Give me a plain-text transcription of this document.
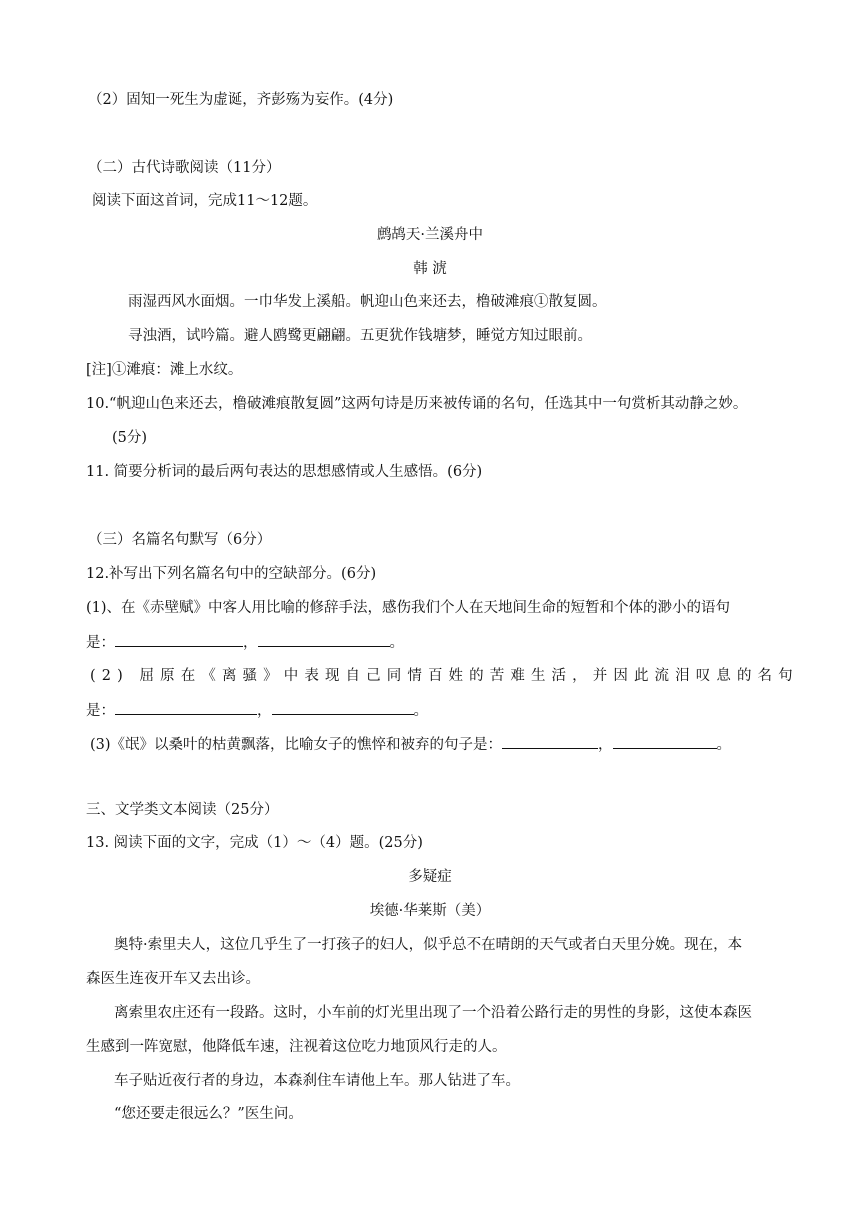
（2）固知一死生为虚诞，齐彭殇为妄作。(4分)
（二）古代诗歌阅读（11分）
阅读下面这首词，完成11～12题。
鹧鸪天·兰溪舟中
韩 淲
雨湿西风水面烟。一巾华发上溪船。帆迎山色来还去，橹破滩痕①散复圆。
寻浊酒，试吟篇。避人鸥鹭更翩翩。五更犹作钱塘梦，睡觉方知过眼前。
[注]①滩痕：滩上水纹。
10.“帆迎山色来还去，橹破滩痕散复圆”这两句诗是历来被传诵的名句，任选其中一句赏析其动静之妙。
(5分)
11. 简要分析词的最后两句表达的思想感情或人生感悟。(6分)
（三）名篇名句默写（6分）
12.补写出下列名篇名句中的空缺部分。(6分)
(1)、在《赤壁赋》中客人用比喻的修辞手法，感伤我们个人在天地间生命的短暂和个体的渺小的语句
是：	，	。
(2) 屈原在《离骚》中表现自己同情百姓的苦难生活，并因此流泪叹息的名句
是：	，	。
(3)《氓》以桑叶的枯黄飘落，比喻女子的憔悴和被弃的句子是：	，	。
三、文学类文本阅读（25分）
13. 阅读下面的文字，完成（1）～（4）题。(25分)
多疑症
埃德·华莱斯（美）
奥特·索里夫人，这位几乎生了一打孩子的妇人，似乎总不在晴朗的天气或者白天里分娩。现在，本
森医生连夜开车又去出诊。
离索里农庄还有一段路。这时，小车前的灯光里出现了一个沿着公路行走的男性的身影，这使本森医
生感到一阵宽慰，他降低车速，注视着这位吃力地顶风行走的人。
车子贴近夜行者的身边，本森刹住车请他上车。那人钻进了车。
“您还要走很远么？”医生问。
